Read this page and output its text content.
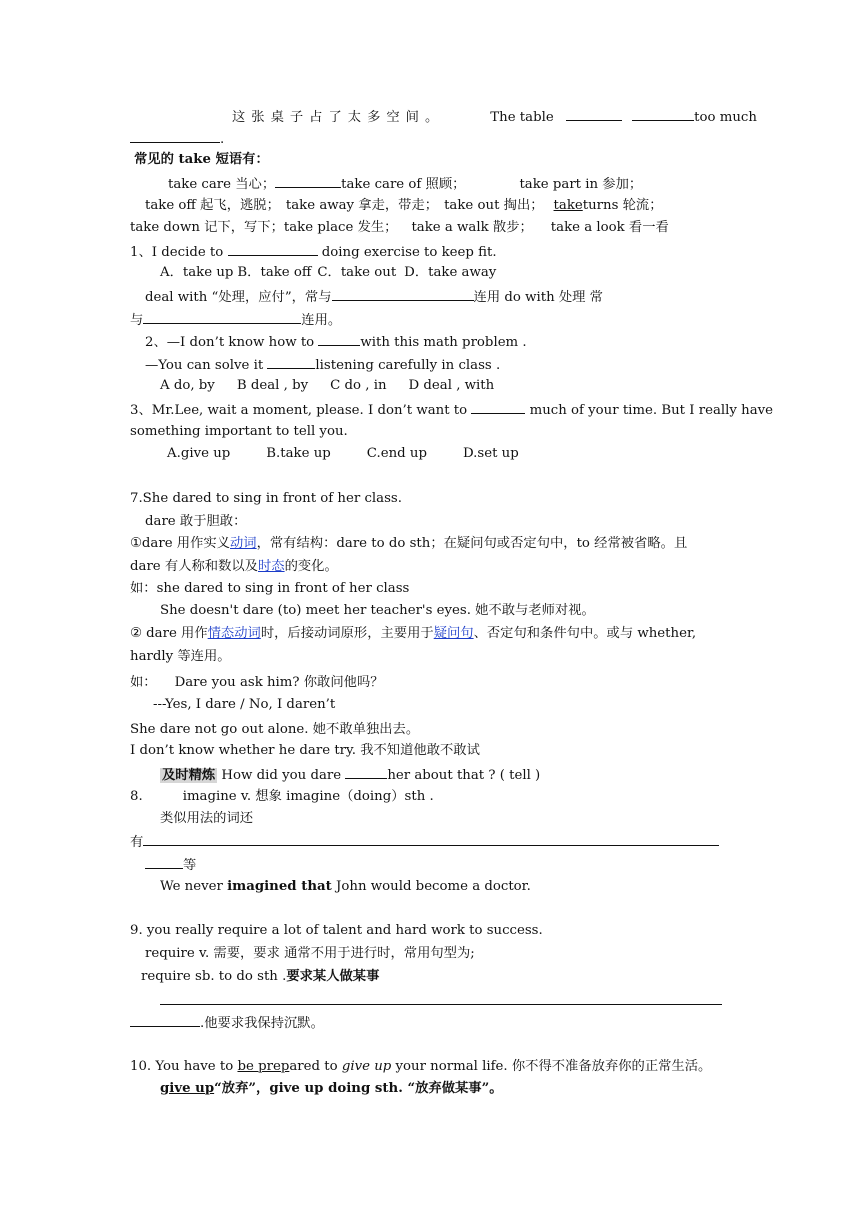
这张桌子占了太多空间。	The table	too much
.
常见的 take 短语有：
take care 当心；	take care of 照顾；	take part in 参加；
take off 起飞，逃脱； take away 拿走，带走； take out 掏出； taketurns 轮流；
take down 记下，写下；take place 发生； take a walk 散步； take a look 看一看
1、I decide to	doing exercise to keep fit.
A．take up B．take off C．take out D．take away
deal with “处理，应付”，常与	连用 do with 处理 常
与	连用。
2、—I don’t know how to	with this math problem .
—You can solve it	listening carefully in class .
A do, by B deal , by C do , in D deal , with
3、Mr.Lee, wait a moment, please. I don’t want to	much of your time. But I really have
something important to tell you.
A.give up	B.take up	C.end up	D.set up
7.She dared to sing in front of her class.
dare 敢于胆敢：
①dare 用作实义动词，常有结构：dare to do sth；在疑问句或否定句中，to 经常被省略。且
dare 有人称和数以及时态的变化。
如：she dared to sing in front of her class
She doesn't dare (to) meet her teacher's eyes. 她不敢与老师对视。
② dare 用作情态动词时，后接动词原形，主要用于疑问句、否定句和条件句中。或与 whether,
hardly 等连用。
如： Dare you ask him? 你敢问他吗？
---Yes, I dare / No, I daren’t
She dare not go out alone. 她不敢单独出去。
I don’t know whether he dare try. 我不知道他敢不敢试
及时精炼 How did you dare	her about that ? ( tell )
8.	imagine v. 想象 imagine（doing）sth .
类似用法的词还
有
等
We never imagined that John would become a doctor.
9. you really require a lot of talent and hard work to success.
require v. 需要，要求 通常不用于进行时，常用句型为;
require sb. to do sth .要求某人做某事
.他要求我保持沉默。
10. You have to be prepared to give up your normal life. 你不得不准备放弃你的正常生活。
give up“放弃”，give up doing sth. “放弃做某事”。
